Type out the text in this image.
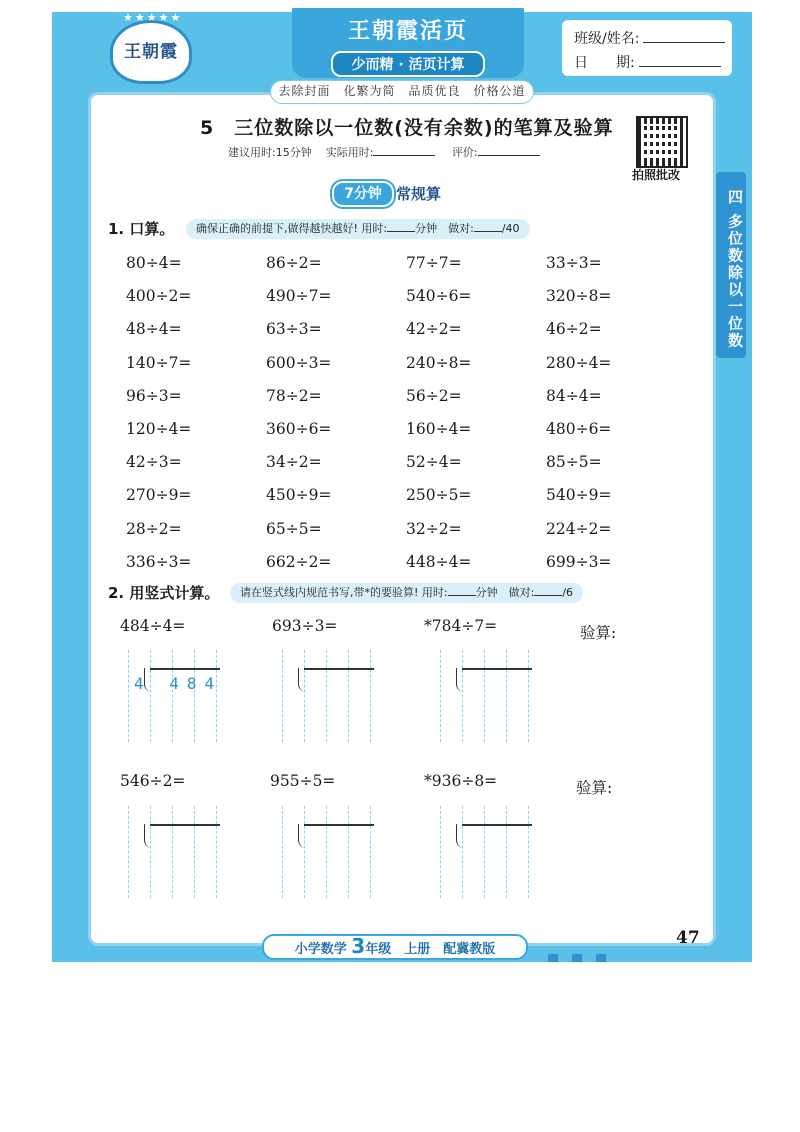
★★★★★
王朝霞
王朝霞活页
少而精 · 活页计算
班级/姓名:
日　　期:
去除封面　化繁为简　品质优良　价格公道
5　三位数除以一位数(没有余数)的笔算及验算
建议用时:15分钟 实际用时:	评价:
拍照批改
7分钟 常规算	四 多位数除以一位数
1. 口算。	确保正确的前提下,做得越快越好! 用时:	分钟　做对:	/40
80÷4=	86÷2=	77÷7=	33÷3=
400÷2=	490÷7=	540÷6=	320÷8=
48÷4=	63÷3=	42÷2=	46÷2=
140÷7=	600÷3=	240÷8=	280÷4=
96÷3=	78÷2=	56÷2=	84÷4=
120÷4=	360÷6=	160÷4=	480÷6=
42÷3=	34÷2=	52÷4=	85÷5=
270÷9=	450÷9=	250÷5=	540÷9=
28÷2=	65÷5=	32÷2=	224÷2=
336÷3=	662÷2=	448÷4=	699÷3=
2. 用竖式计算。	请在竖式线内规范书写,带*的要验算! 用时:	分钟　做对:	/6
484÷4=	693÷3=	*784÷7=	验算:
4 484
546÷2=	955÷5=	*936÷8=	验算:
小学数学 3年级　上册　配冀教版
47
